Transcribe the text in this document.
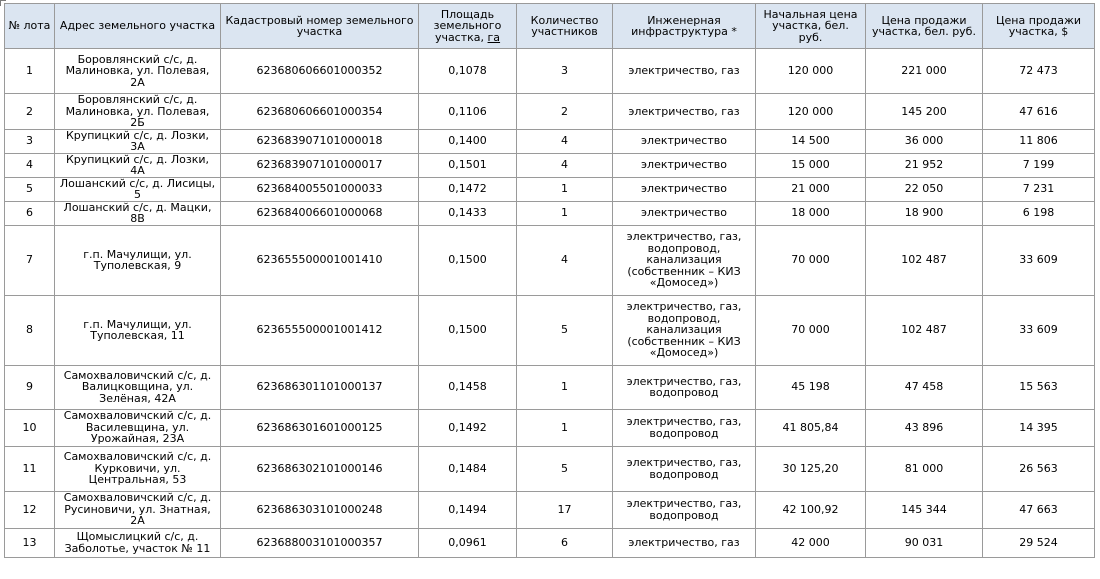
№ лота	Адрес земельного участка	Кадастровый номер земельного участка	Площадь земельного участка, га	Количество участников	Инженерная инфраструктура *	Начальная цена участка, бел. руб.	Цена продажи участка, бел. руб.	Цена продажи участка, $
1	Боровлянский с/с, д. Малиновка, ул. Полевая, 2А	623680606601000352	0,1078	3	электричество, газ	120 000	221 000	72 473
2	Боровлянский с/с, д. Малиновка, ул. Полевая, 2Б	623680606601000354	0,1106	2	электричество, газ	120 000	145 200	47 616
3	Крупицкий с/с, д. Лозки, 3А	623683907101000018	0,1400	4	электричество	14 500	36 000	11 806
4	Крупицкий с/с, д. Лозки, 4А	623683907101000017	0,1501	4	электричество	15 000	21 952	7 199
5	Лошанский с/с, д. Лисицы, 5	623684005501000033	0,1472	1	электричество	21 000	22 050	7 231
6	Лошанский с/с, д. Мацки, 8В	623684006601000068	0,1433	1	электричество	18 000	18 900	6 198
7	г.п. Мачулищи, ул. Туполевская, 9	623655500001001410	0,1500	4	электричество, газ, водопровод, канализация (собственник – КИЗ «Домосед»)	70 000	102 487	33 609
8	г.п. Мачулищи, ул. Туполевская, 11	623655500001001412	0,1500	5	электричество, газ, водопровод, канализация (собственник – КИЗ «Домосед»)	70 000	102 487	33 609
9	Самохваловичский с/с, д. Валицковщина, ул. Зелёная, 42А	623686301101000137	0,1458	1	электричество, газ, водопровод	45 198	47 458	15 563
10	Самохваловичский с/с, д. Василевщина, ул. Урожайная, 23А	623686301601000125	0,1492	1	электричество, газ, водопровод	41 805,84	43 896	14 395
11	Самохваловичский с/с, д. Курковичи, ул. Центральная, 53	623686302101000146	0,1484	5	электричество, газ, водопровод	30 125,20	81 000	26 563
12	Самохваловичский с/с, д. Русиновичи, ул. Знатная, 2А	623686303101000248	0,1494	17	электричество, газ, водопровод	42 100,92	145 344	47 663
13	Щомыслицкий с/с, д. Заболотье, участок № 11	623688003101000357	0,0961	6	электричество, газ	42 000	90 031	29 524
